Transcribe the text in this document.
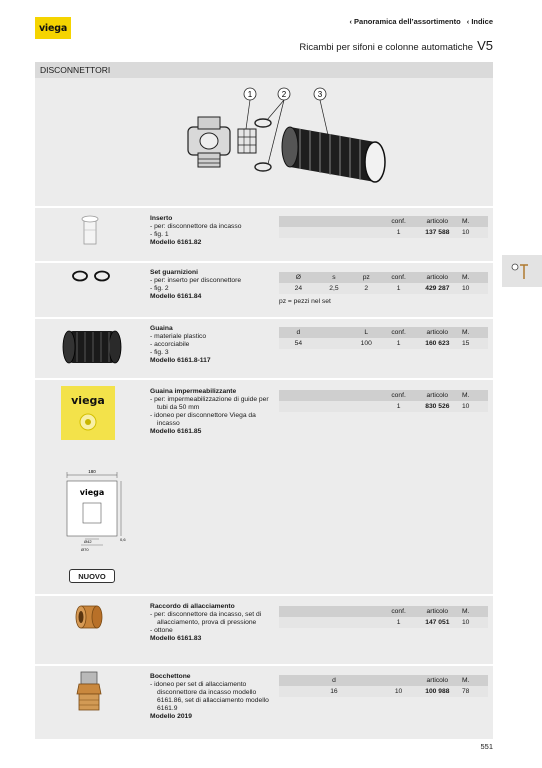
viega
‹ Panoramica dell’assortimento ‹ Indice
Ricambi per sifoni e colonne automatiche V5
DISCONNETTORI
1	2	3
Inserto
- per: disconnettore da incasso
- fig. 1
Modello 6161.82
			conf.	articolo	M.
			1	137 588	10
Set guarnizioni
- per: inserto per disconnettore
- fig. 2
Modello 6161.84
Ø	s	pz	conf.	articolo	M.
24	2,5	2	1	429 287	10
pz = pezzi nel set
Guaina
- materiale plastico
- accorciabile
- fig. 3
Modello 6161.8-117
d		L	conf.	articolo	M.
54		100	1	160 623	15
viega
Guaina impermeabilizzante
- per: impermeabilizzazione di guide per tubi da 50 mm
- idoneo per disconnettore Viega da incasso
Modello 6161.85
			conf.	articolo	M.
			1	830 526	10
180
viega
Ø42
Ø70
0,6
NUOVO
Raccordo di allacciamento
- per: disconnettore da incasso, set di allacciamento, prova di pressione
- ottone
Modello 6161.83
			conf.	articolo	M.
			1	147 051	10
Bocchettone
- idoneo per set di allacciamento disconnettore da incasso modello 6161.86, set di allacciamento modello 6161.9
Modello 2019
	d			articolo	M.
	16		10	100 988	78
551
